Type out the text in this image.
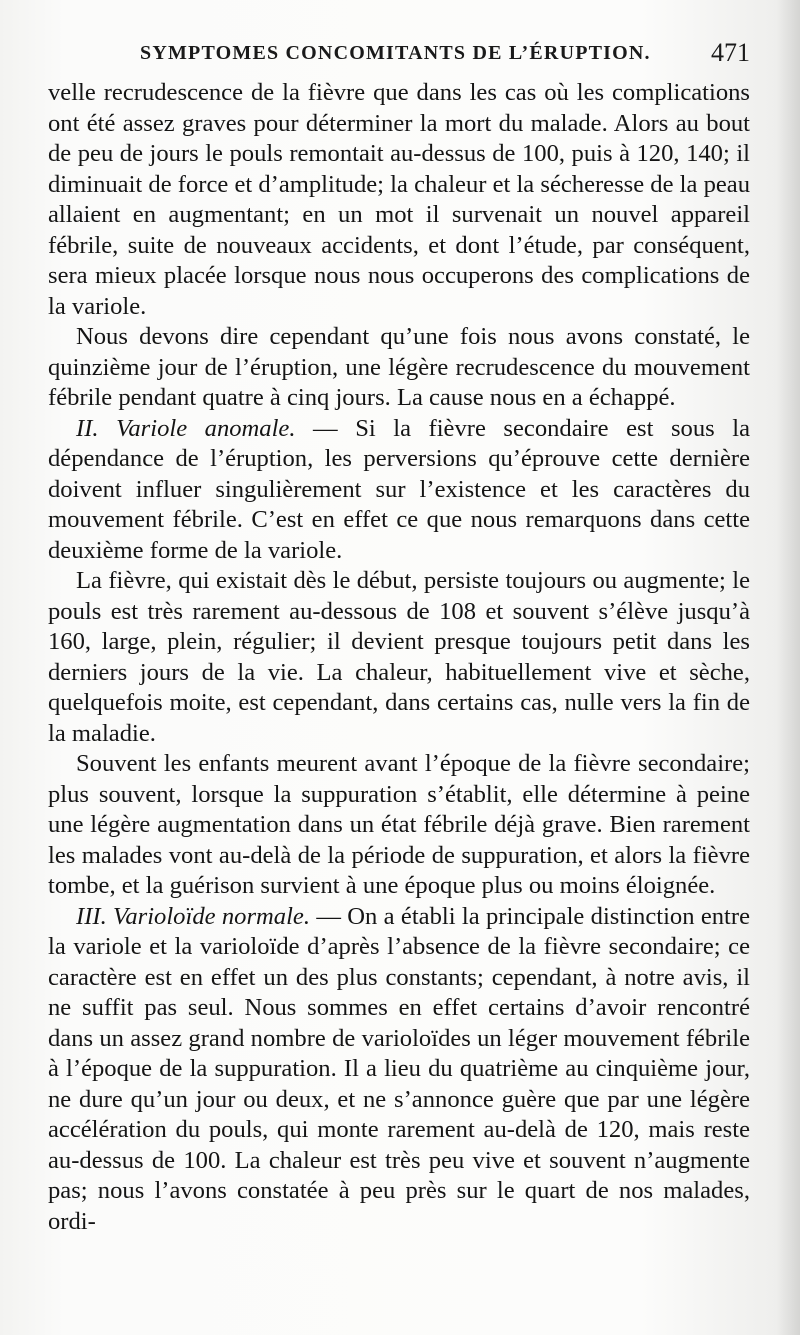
SYMPTOMES CONCOMITANTS DE L’ÉRUPTION. 471

velle recrudescence de la fièvre que dans les cas où les complications ont été assez graves pour déterminer la mort du malade. Alors au bout de peu de jours le pouls remontait au-dessus de 100, puis à 120, 140; il diminuait de force et d’amplitude; la chaleur et la sécheresse de la peau allaient en augmentant; en un mot il survenait un nouvel appareil fébrile, suite de nouveaux accidents, et dont l’étude, par conséquent, sera mieux placée lorsque nous nous occuperons des complications de la variole.

Nous devons dire cependant qu’une fois nous avons constaté, le quinzième jour de l’éruption, une légère recrudescence du mouvement fébrile pendant quatre à cinq jours. La cause nous en a échappé.

II. Variole anomale. — Si la fièvre secondaire est sous la dépendance de l’éruption, les perversions qu’éprouve cette dernière doivent influer singulièrement sur l’existence et les caractères du mouvement fébrile. C’est en effet ce que nous remarquons dans cette deuxième forme de la variole.

La fièvre, qui existait dès le début, persiste toujours ou augmente; le pouls est très rarement au-dessous de 108 et souvent s’élève jusqu’à 160, large, plein, régulier; il devient presque toujours petit dans les derniers jours de la vie. La chaleur, habituellement vive et sèche, quelquefois moite, est cependant, dans certains cas, nulle vers la fin de la maladie.

Souvent les enfants meurent avant l’époque de la fièvre secondaire; plus souvent, lorsque la suppuration s’établit, elle détermine à peine une légère augmentation dans un état fébrile déjà grave. Bien rarement les malades vont au-delà de la période de suppuration, et alors la fièvre tombe, et la guérison survient à une époque plus ou moins éloignée.

III. Varioloïde normale. — On a établi la principale distinction entre la variole et la varioloïde d’après l’absence de la fièvre secondaire; ce caractère est en effet un des plus constants; cependant, à notre avis, il ne suffit pas seul. Nous sommes en effet certains d’avoir rencontré dans un assez grand nombre de varioloïdes un léger mouvement fébrile à l’époque de la suppuration. Il a lieu du quatrième au cinquième jour, ne dure qu’un jour ou deux, et ne s’annonce guère que par une légère accélération du pouls, qui monte rarement au-delà de 120, mais reste au-dessus de 100. La chaleur est très peu vive et souvent n’augmente pas; nous l’avons constatée à peu près sur le quart de nos malades, ordi-
